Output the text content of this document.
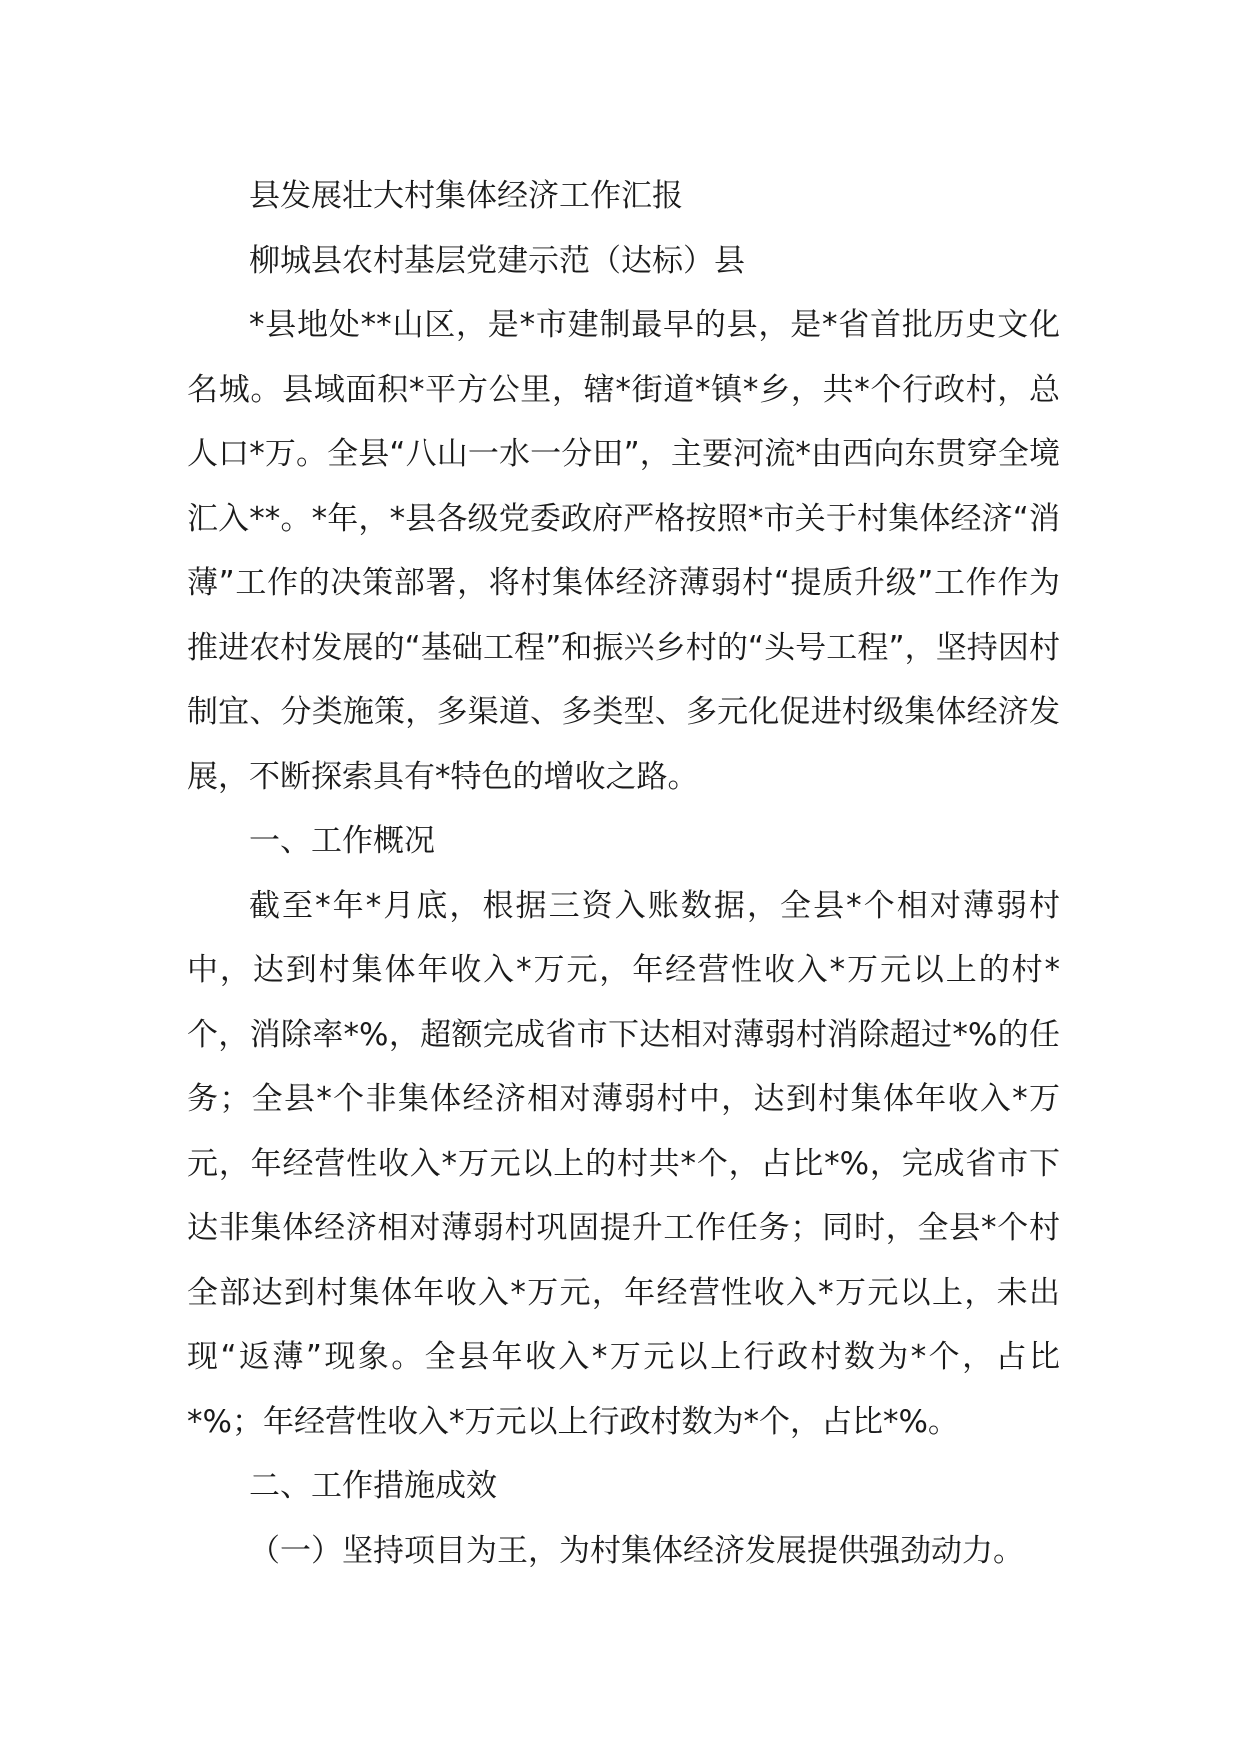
县发展壮大村集体经济工作汇报

柳城县农村基层党建示范（达标）县

*县地处**山区，是*市建制最早的县，是*省首批历史文化名城。县域面积*平方公里，辖*街道*镇*乡，共*个行政村，总人口*万。全县“八山一水一分田”，主要河流*由西向东贯穿全境汇入**。*年，*县各级党委政府严格按照*市关于村集体经济“消薄”工作的决策部署，将村集体经济薄弱村“提质升级”工作作为推进农村发展的“基础工程”和振兴乡村的“头号工程”，坚持因村制宜、分类施策，多渠道、多类型、多元化促进村级集体经济发展，不断探索具有*特色的增收之路。

一、工作概况

截至*年*月底，根据三资入账数据，全县*个相对薄弱村中，达到村集体年收入*万元，年经营性收入*万元以上的村*个，消除率*%，超额完成省市下达相对薄弱村消除超过*%的任务；全县*个非集体经济相对薄弱村中，达到村集体年收入*万元，年经营性收入*万元以上的村共*个，占比*%，完成省市下达非集体经济相对薄弱村巩固提升工作任务；同时，全县*个村全部达到村集体年收入*万元，年经营性收入*万元以上，未出现“返薄”现象。全县年收入*万元以上行政村数为*个，占比*%；年经营性收入*万元以上行政村数为*个，占比*%。

二、工作措施成效

（一）坚持项目为王，为村集体经济发展提供强劲动力。
